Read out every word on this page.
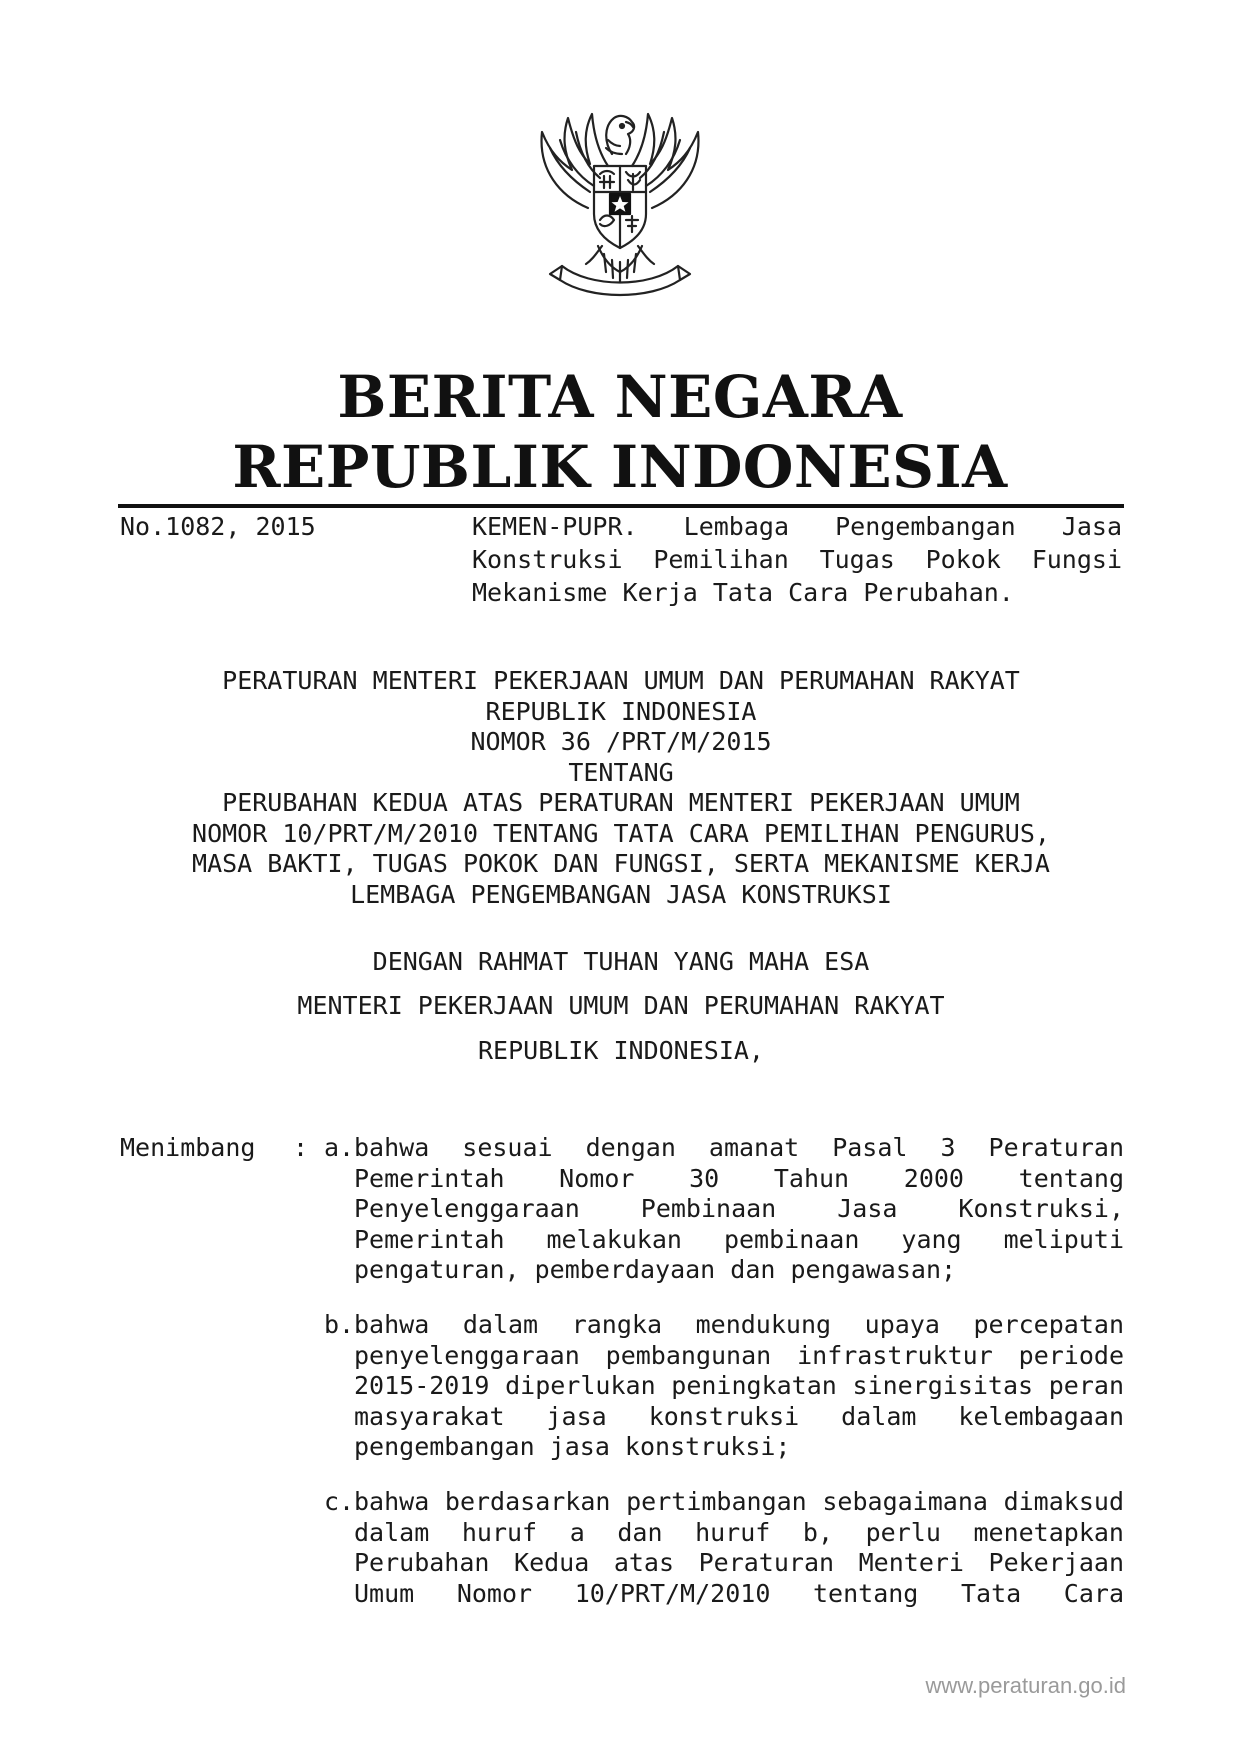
BERITA NEGARA
REPUBLIK INDONESIA
No.1082, 2015	KEMEN-PUPR. Lembaga Pengembangan Jasa Konstruksi Pemilihan Tugas Pokok Fungsi Mekanisme Kerja Tata Cara Perubahan.
PERATURAN MENTERI PEKERJAAN UMUM DAN PERUMAHAN RAKYAT
REPUBLIK INDONESIA
NOMOR 36 /PRT/M/2015
TENTANG
PERUBAHAN KEDUA ATAS PERATURAN MENTERI PEKERJAAN UMUM
NOMOR 10/PRT/M/2010 TENTANG TATA CARA PEMILIHAN PENGURUS,
MASA BAKTI, TUGAS POKOK DAN FUNGSI, SERTA MEKANISME KERJA
LEMBAGA PENGEMBANGAN JASA KONSTRUKSI
DENGAN RAHMAT TUHAN YANG MAHA ESA
MENTERI PEKERJAAN UMUM DAN PERUMAHAN RAKYAT
REPUBLIK INDONESIA,
Menimbang : a. bahwa sesuai dengan amanat Pasal 3 Peraturan Pemerintah Nomor 30 Tahun 2000 tentang Penyelenggaraan Pembinaan Jasa Konstruksi, Pemerintah melakukan pembinaan yang meliputi pengaturan, pemberdayaan dan pengawasan;
b. bahwa dalam rangka mendukung upaya percepatan penyelenggaraan pembangunan infrastruktur periode 2015-2019 diperlukan peningkatan sinergisitas peran masyarakat jasa konstruksi dalam kelembagaan pengembangan jasa konstruksi;
c. bahwa berdasarkan pertimbangan sebagaimana dimaksud dalam huruf a dan huruf b, perlu menetapkan Perubahan Kedua atas Peraturan Menteri Pekerjaan Umum Nomor 10/PRT/M/2010 tentang Tata Cara
www.peraturan.go.id
